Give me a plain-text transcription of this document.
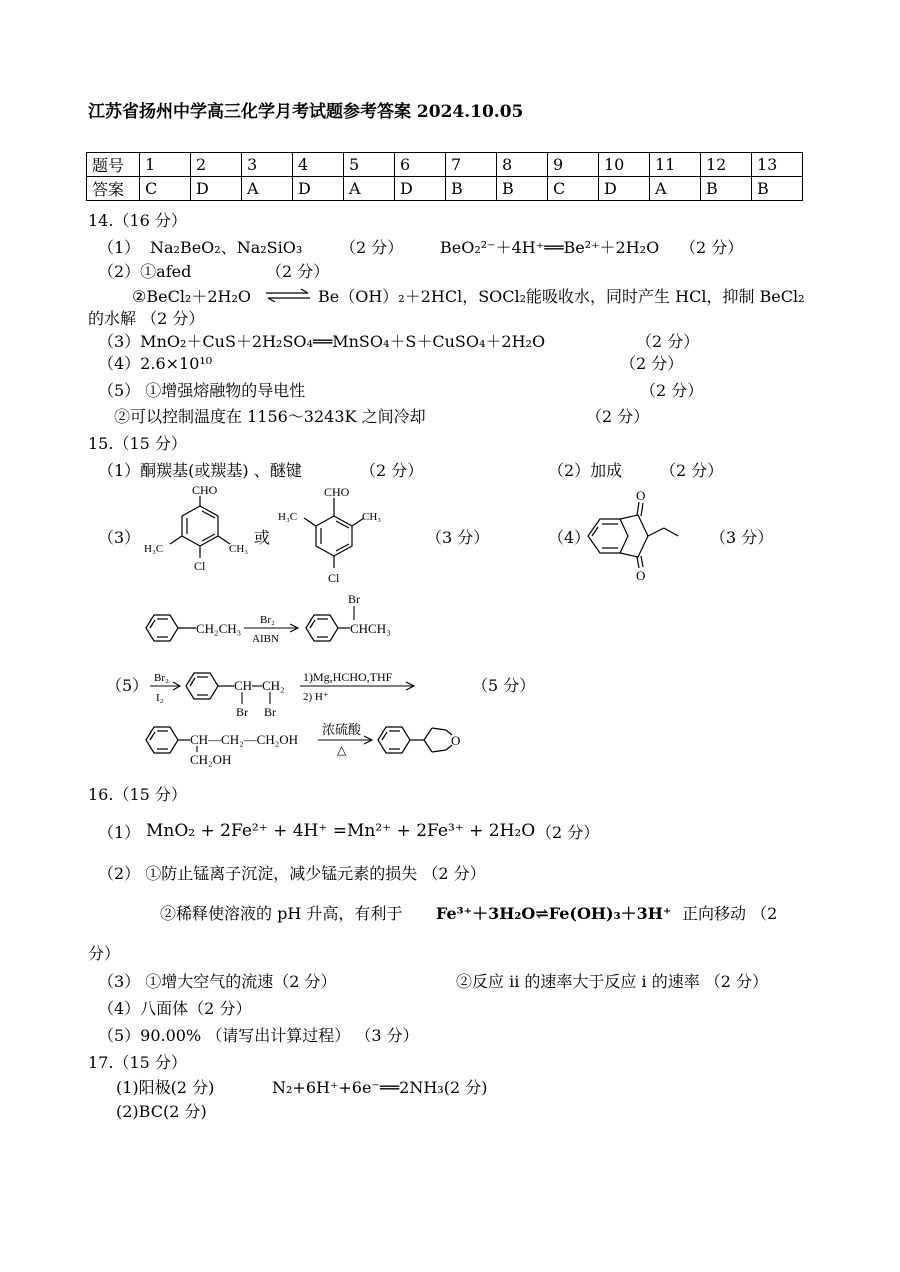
江苏省扬州中学高三化学月考试题参考答案 2024.10.05
题号	1	2	3	4	5	6	7	8	9	10	11	12	13
答案	C	D	A	D	A	D	B	B	C	D	A	B	B
14.（16 分）
（1） Na₂BeO₂、Na₂SiO₃ （2 分） BeO₂²⁻＋4H⁺══Be²⁺＋2H₂O （2 分）
（2）①afed	（2 分）
②BeCl₂＋2H₂O ⇌ Be（OH）₂＋2HCl，SOCl₂能吸收水，同时产生 HCl，抑制 BeCl₂
的水解 （2 分）
（3）MnO₂＋CuS＋2H₂SO₄══MnSO₄＋S＋CuSO₄＋2H₂O	（2 分）
（4）2.6×10¹⁰	（2 分）
（5） ①增强熔融物的导电性	（2 分）
②可以控制温度在 1156～3243K 之间冷却	（2 分）
15.（15 分）
（1）酮羰基(或羰基) 、醚键	（2 分）	（2）加成 （2 分）
（3）
CHO
H₃C	CH₃
Cl
或
CHO
H₃C	CH₃
Cl
（3 分）	（4）
O
O
（3 分）
CH₂CH₃
Br₂
AIBN
Br
CHCH₃
（5） Br₂
I₂
CH CH₂
Br Br
1)Mg,HCHO,THF
2) H⁺
（5 分）
CH—CH₂—CH₂OH
CH₂OH
浓硫酸
△
O
16.（15 分）
（1） MnO₂ + 2Fe²⁺ + 4H⁺ =Mn²⁺ + 2Fe³⁺ + 2H₂O （2 分）
（2） ①防止锰离子沉淀，减少锰元素的损失 （2 分）
②稀释使溶液的 pH 升高，有利于 Fe³⁺＋3H₂O⇌Fe(OH)₃＋3H⁺ 正向移动 （2
分）
（3） ①增大空气的流速（2 分）	②反应 ii 的速率大于反应 i 的速率 （2 分）
（4）八面体（2 分）
（5）90.00% （请写出计算过程） （3 分）
17.（15 分）
(1)阳极(2 分)	N₂+6H⁺+6e⁻══2NH₃(2 分)
(2)BC(2 分)
